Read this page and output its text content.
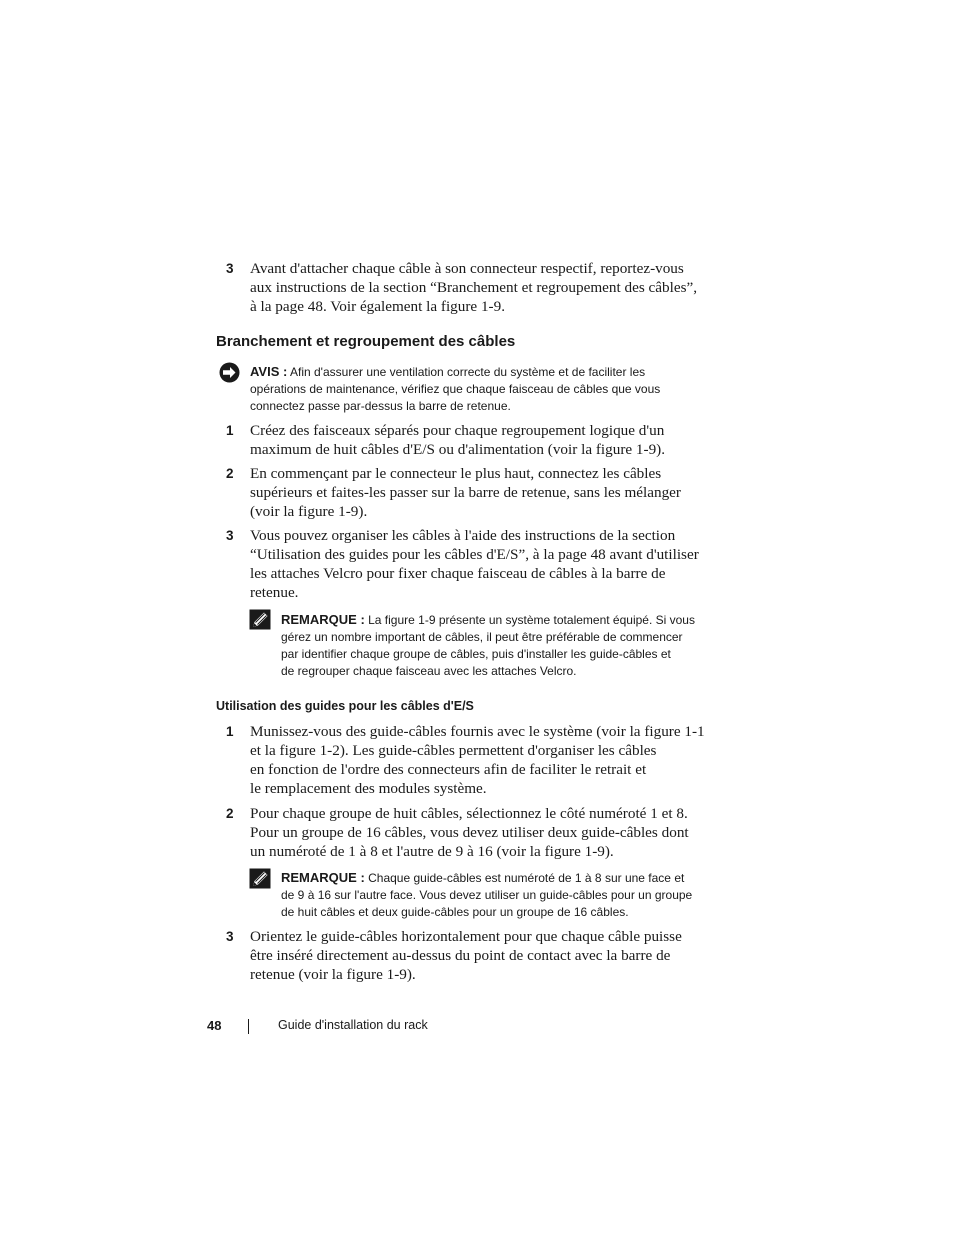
3 Avant d'attacher chaque câble à son connecteur respectif, reportez-vous
aux instructions de la section “Branchement et regroupement des câbles”,
à la page 48. Voir également la figure 1-9.
Branchement et regroupement des câbles
AVIS : Afin d'assurer une ventilation correcte du système et de faciliter les
opérations de maintenance, vérifiez que chaque faisceau de câbles que vous
connectez passe par-dessus la barre de retenue.
1 Créez des faisceaux séparés pour chaque regroupement logique d'un
maximum de huit câbles d'E/S ou d'alimentation (voir la figure 1-9).
2 En commençant par le connecteur le plus haut, connectez les câbles
supérieurs et faites-les passer sur la barre de retenue, sans les mélanger
(voir la figure 1-9).
3 Vous pouvez organiser les câbles à l'aide des instructions de la section
“Utilisation des guides pour les câbles d'E/S”, à la page 48 avant d'utiliser
les attaches Velcro pour fixer chaque faisceau de câbles à la barre de
retenue.
REMARQUE : La figure 1-9 présente un système totalement équipé. Si vous
gérez un nombre important de câbles, il peut être préférable de commencer
par identifier chaque groupe de câbles, puis d'installer les guide-câbles et
de regrouper chaque faisceau avec les attaches Velcro.
Utilisation des guides pour les câbles d'E/S
1 Munissez-vous des guide-câbles fournis avec le système (voir la figure 1-1
et la figure 1-2). Les guide-câbles permettent d'organiser les câbles
en fonction de l'ordre des connecteurs afin de faciliter le retrait et
le remplacement des modules système.
2 Pour chaque groupe de huit câbles, sélectionnez le côté numéroté 1 et 8.
Pour un groupe de 16 câbles, vous devez utiliser deux guide-câbles dont
un numéroté de 1 à 8 et l'autre de 9 à 16 (voir la figure 1-9).
REMARQUE : Chaque guide-câbles est numéroté de 1 à 8 sur une face et
de 9 à 16 sur l'autre face. Vous devez utiliser un guide-câbles pour un groupe
de huit câbles et deux guide-câbles pour un groupe de 16 câbles.
3 Orientez le guide-câbles horizontalement pour que chaque câble puisse
être inséré directement au-dessus du point de contact avec la barre de
retenue (voir la figure 1-9).
48	Guide d'installation du rack
